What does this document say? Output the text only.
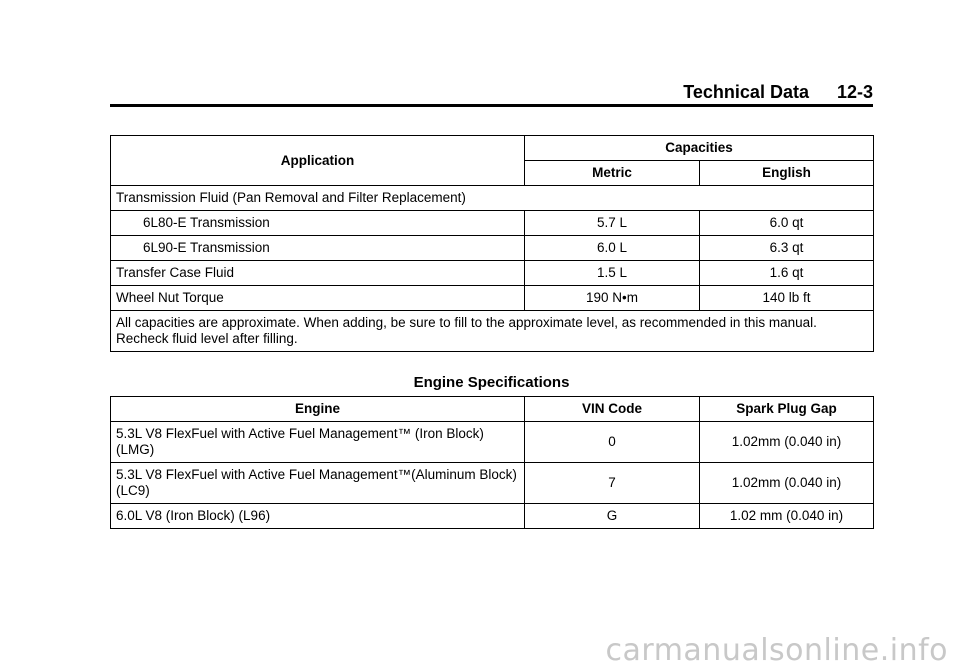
Technical Data 12-3
Application	Capacities	
	Metric	English
Transmission Fluid (Pan Removal and Filter Replacement)		
6L80-E Transmission	5.7 L	6.0 qt
6L90-E Transmission	6.0 L	6.3 qt
Transfer Case Fluid	1.5 L	1.6 qt
Wheel Nut Torque	190 N•m	140 lb ft
All capacities are approximate. When adding, be sure to fill to the approximate level, as recommended in this manual. Recheck fluid level after filling.		
Engine Specifications
Engine	VIN Code	Spark Plug Gap
5.3L V8 FlexFuel with Active Fuel Management™ (Iron Block) (LMG)	0	1.02mm (0.040 in)
5.3L V8 FlexFuel with Active Fuel Management™(Aluminum Block) (LC9)	7	1.02mm (0.040 in)
6.0L V8 (Iron Block) (L96)	G	1.02 mm (0.040 in)
carmanualsonline.info
